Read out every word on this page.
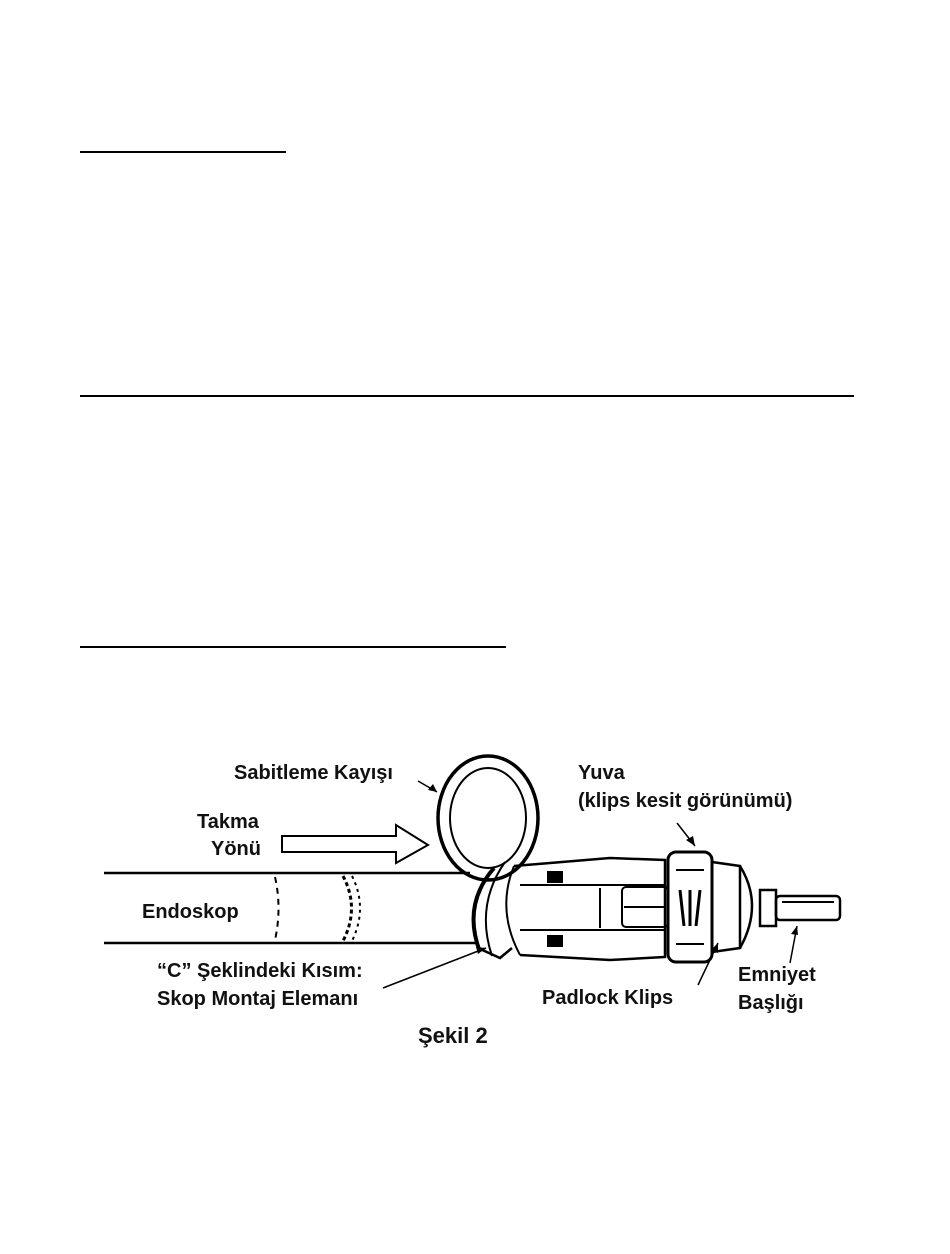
Sabitleme Kayışı
Takma
Yönü
Yuva
(klips kesit görünümü)
Endoskop
“C” Şeklindeki Kısım:
Skop Montaj Elemanı	Padlock Klips
Emniyet
Başlığı
Şekil 2
